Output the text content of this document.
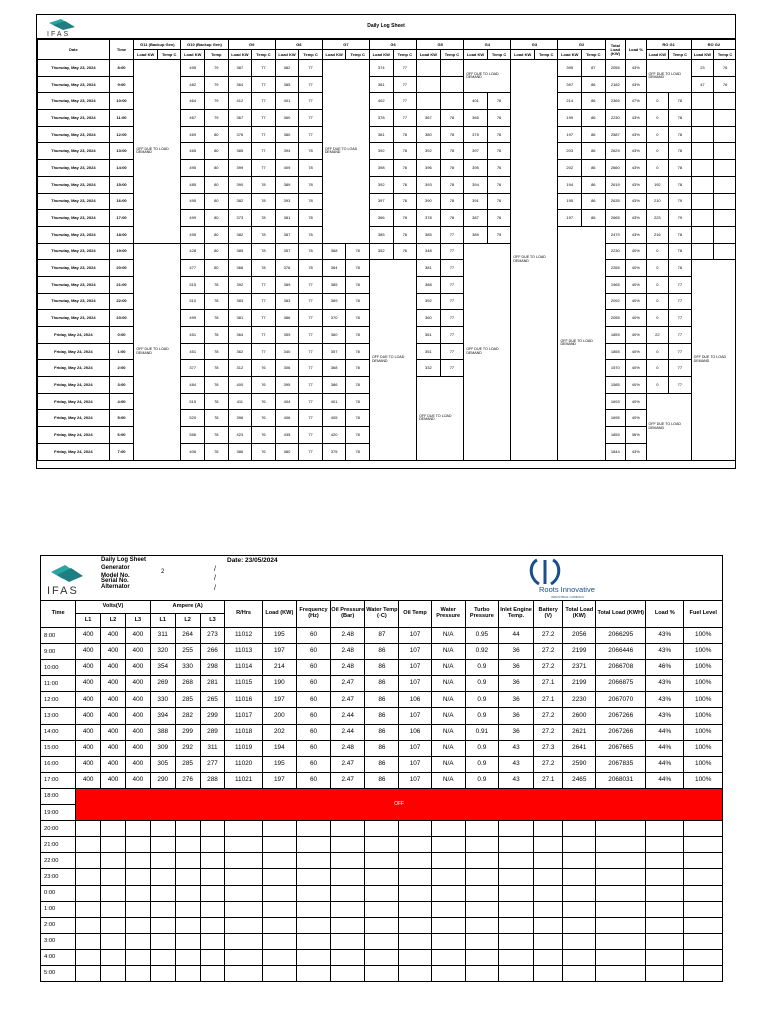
IFAS
Daily Log Sheet
Date	Time	G11 (Backup Gen)		G10 (Backup Gen)		G9		G8		G7		G6		G5		G4		G3		G2		Total Load (KW)	Load %	RO G1		RO G2	
		Load KW	Temp C	Load KW	Temp	Load KW	Temp C	Load KW	Temp C	Load KW	Temp C	Load KW	Temp C	Load KW	Temp C	Load KW	Temp C	Load KW	Temp C	Load KW	Temp C			Load KW	Temp C	Load KW	Temp C
Thursday, May 23, 2024	8:00	OFF DUE TO LOAD DEMAND		495	79	387	77	382	77	OFF DUE TO LOAD DEMAND		374	77			OFF DUE TO LOAD DEMAND		OFF DUE TO LOAD DEMAND		395	87	2055	43%	OFF DUE TO LOAD DEMAND		23	76
Thursday, May 23, 2024	9:00			482	79	364	77	385	77			381	77							397	86	2182	43%			47	76
Thursday, May 23, 2024	10:00			464	79	412	77	401	77			402	77			401	76			214	86	2369	47%	0	78		
Thursday, May 23, 2024	11:00			467	79	367	77	360	77			378	77	367	78	365	76			199	86	2230	43%	0	78		
Thursday, May 23, 2024	12:00			469	80	376	77	380	77			381	78	380	78	375	76			197	86	2587	43%	0	78		
Thursday, May 23, 2024	13:00			465	80	385	77	394	78			392	78	392	78	397	76			203	86	2629	43%	0	78		
Thursday, May 23, 2024	14:00			495	80	399	77	409	78			398	78	396	78	395	76			202	86	2660	43%	0	78		
Thursday, May 23, 2024	15:00			485	80	390	78	389	78			392	78	393	78	394	76			194	86	2619	43%	192	78		
Thursday, May 23, 2024	16:00			495	80	382	78	393	78			397	78	390	78	391	76			195	86	2635	43%	210	79		
Thursday, May 23, 2024	17:00			499	80	373	78	381	78			366	78	378	78	387	76			197	86	2665	43%	223	79		
Thursday, May 23, 2024	18:00			495	80	382	78	387	78			385	78	385	77	389	75			OFF DUE TO LOAD DEMAND		2479	43%	216	78		
Thursday, May 23, 2024	19:00	OFF DUE TO LOAD DEMAND		428	80	385	78	357	78	368	78	352	76	348	77	OFF DUE TO LOAD DEMAND						2230	40%	0	78		
Thursday, May 23, 2024	20:00			477	80	366	78	376	78	364	78	OFF DUE TO LOAD DEMAND		381	77							2265	40%	0	78	OFF DUE TO LOAD DEMAND	
Thursday, May 23, 2024	21:00			515	78	392	77	389	77	385	78			388	77							1965	40%	0	77		
Thursday, May 23, 2024	22:00			510	78	383	77	383	77	389	78			392	77							2092	40%	0	77		
Thursday, May 23, 2024	23:00			499	78	381	77	386	77	370	78			360	77							2055	40%	0	77		
Friday, May 24, 2024	0:00			451	78	364	77	359	77	360	78			361	77							1859	40%	22	77		
Friday, May 24, 2024	1:00			451	78	362	77	340	77	357	78			351	77							1855	40%	0	77		
Friday, May 24, 2024	2:00			377	78	312	76	306	77	368	78			332	77							1570	40%	0	77		
Friday, May 24, 2024	3:00			484	78	400	76	395	77	386	78			OFF DUE TO LOAD DEMAND								1585	40%	0	77		
Friday, May 24, 2024	4:00			515	78	411	76	404	77	401	78											1693	40%	OFF DUE TO LOAD DEMAND			
Friday, May 24, 2024	5:00			520	78	396	76	406	77	405	78											1695	40%				
Friday, May 24, 2024	6:00			556	78	423	76	435	77	420	78											1859	36%				
Friday, May 24, 2024	7:00			406	78	386	76	380	77	375	78											1844	43%				
IFAS
Daily Log Sheet
Generator
Model No.
Serial No.
Alternator
2	/
/
/
Date: 23/05/2024
Roots Innovative
INDUSTRIAL COMPANY
Time	Volts(V)			Ampere (A)			R/Hrs	Load (KW)	Frequency (Hz)	Oil Pressure (Bar)	Water Temp (◦C)	Oil Temp	Water Pressure	Turbo Pressure	Inlet Engine Temp.	Battery (V)	Total Load (KW)	Total Load (KWH)	Load %	Fuel Level
	L1	L2	L3	L1	L2	L3														
8:00	400	400	400	311	264	273	11012	195	60	2.48	87	107	N/A	0.95	44	27.2	2056	2066295	43%	100%
9:00	400	400	400	320	255	266	11013	197	60	2.48	86	107	N/A	0.92	36	27.2	2199	2066446	43%	100%
10:00	400	400	400	354	330	298	11014	214	60	2.48	86	107	N/A	0.9	36	27.2	2371	2066708	46%	100%
11:00	400	400	400	269	268	281	11015	190	60	2.47	86	107	N/A	0.9	36	27.1	2199	2066875	43%	100%
12:00	400	400	400	330	285	265	11016	197	60	2.47	86	106	N/A	0.9	36	27.1	2230	2067070	43%	100%
13:00	400	400	400	394	282	299	11017	200	60	2.44	86	107	N/A	0.9	36	27.2	2600	2067266	43%	100%
14:00	400	400	400	388	299	289	11018	202	60	2.44	86	106	N/A	0.91	36	27.2	2621	2067266	44%	100%
15:00	400	400	400	309	292	311	11019	194	60	2.48	86	107	N/A	0.9	43	27.3	2641	2067665	44%	100%
16:00	400	400	400	305	285	277	11020	195	60	2.47	86	107	N/A	0.9	43	27.2	2590	2067835	44%	100%
17:00	400	400	400	290	276	288	11021	197	60	2.47	86	107	N/A	0.9	43	27.1	2465	2068031	44%	100%
18:00	OFF																			
19:00																				
20:00																				
21:00																				
22:00																				
23:00																				
0:00																				
1:00																				
2:00																				
3:00																				
4:00																				
5:00																				
